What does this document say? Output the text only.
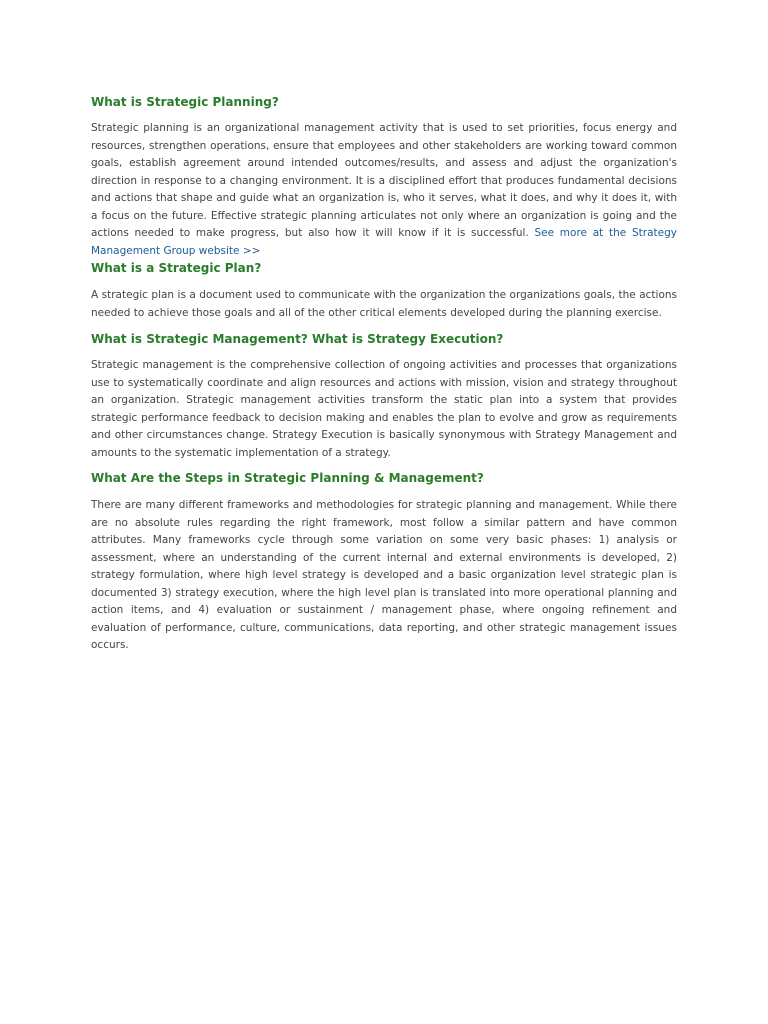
What is Strategic Planning?

Strategic planning is an organizational management activity that is used to set priorities, focus energy and resources, strengthen operations, ensure that employees and other stakeholders are working toward common goals, establish agreement around intended outcomes/results, and assess and adjust the organization's direction in response to a changing environment. It is a disciplined effort that produces fundamental decisions and actions that shape and guide what an organization is, who it serves, what it does, and why it does it, with a focus on the future. Effective strategic planning articulates not only where an organization is going and the actions needed to make progress, but also how it will know if it is successful. See more at the Strategy Management Group website >>

What is a Strategic Plan?

A strategic plan is a document used to communicate with the organization the organizations goals, the actions needed to achieve those goals and all of the other critical elements developed during the planning exercise.

What is Strategic Management? What is Strategy Execution?

Strategic management is the comprehensive collection of ongoing activities and processes that organizations use to systematically coordinate and align resources and actions with mission, vision and strategy throughout an organization. Strategic management activities transform the static plan into a system that provides strategic performance feedback to decision making and enables the plan to evolve and grow as requirements and other circumstances change. Strategy Execution is basically synonymous with Strategy Management and amounts to the systematic implementation of a strategy.

What Are the Steps in Strategic Planning & Management?

There are many different frameworks and methodologies for strategic planning and management. While there are no absolute rules regarding the right framework, most follow a similar pattern and have common attributes. Many frameworks cycle through some variation on some very basic phases: 1) analysis or assessment, where an understanding of the current internal and external environments is developed, 2) strategy formulation, where high level strategy is developed and a basic organization level strategic plan is documented 3) strategy execution, where the high level plan is translated into more operational planning and action items, and 4) evaluation or sustainment / management phase, where ongoing refinement and evaluation of performance, culture, communications, data reporting, and other strategic management issues occurs.
